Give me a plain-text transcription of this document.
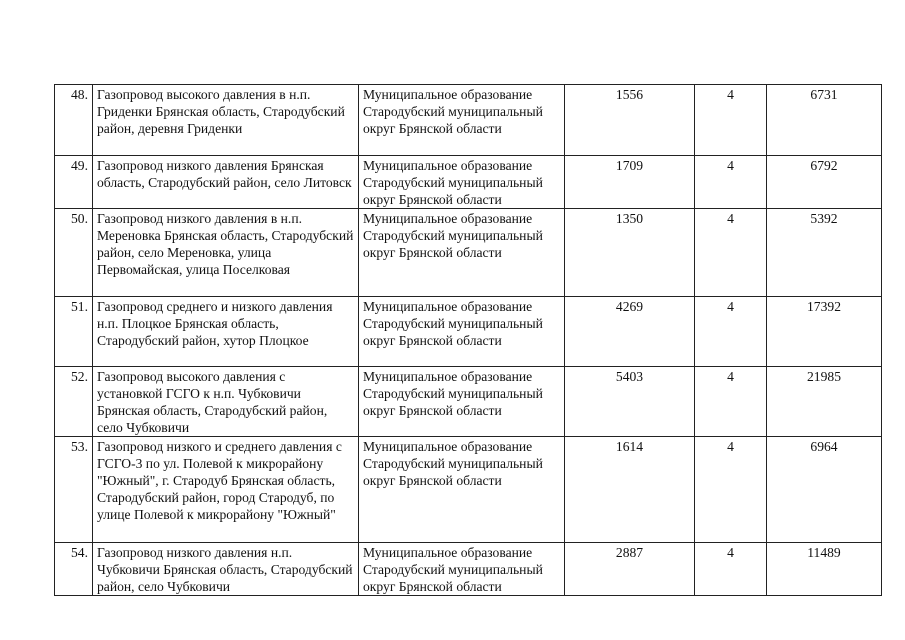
48.	Газопровод высокого давления в н.п. Гриденки Брянская область, Стародубский район, деревня Гриденки	Муниципальное образование Стародубский муниципальный округ Брянской области	1556	4	6731
49.	Газопровод низкого давления Брянская область, Стародубский район, село Литовск	Муниципальное образование Стародубский муниципальный округ Брянской области	1709	4	6792
50.	Газопровод низкого давления в н.п. Мереновка Брянская область, Стародубский район, село Мереновка, улица Первомайская, улица Поселковая	Муниципальное образование Стародубский муниципальный округ Брянской области	1350	4	5392
51.	Газопровод среднего и низкого давления н.п. Плоцкое Брянская область, Стародубский район, хутор Плоцкое	Муниципальное образование Стародубский муниципальный округ Брянской области	4269	4	17392
52.	Газопровод высокого давления с установкой ГСГО к н.п. Чубковичи Брянская область, Стародубский район, село Чубковичи	Муниципальное образование Стародубский муниципальный округ Брянской области	5403	4	21985
53.	Газопровод низкого и среднего давления с ГСГО-3 по ул. Полевой к микрорайону "Южный", г. Стародуб Брянская область, Стародубский район, город Стародуб, по улице Полевой к микрорайону "Южный"	Муниципальное образование Стародубский муниципальный округ Брянской области	1614	4	6964
54.	Газопровод низкого давления н.п. Чубковичи Брянская область, Стародубский район, село Чубковичи	Муниципальное образование Стародубский муниципальный округ Брянской области	2887	4	11489
